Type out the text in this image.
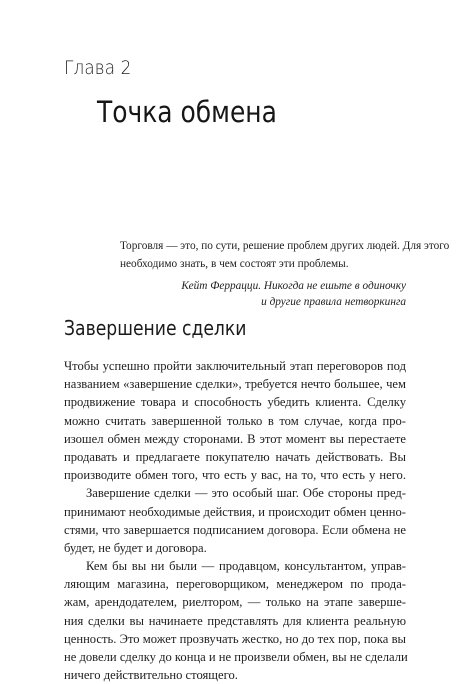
Глава 2
Точка обмена

Торговля — это, по сути, решение проблем других людей. Для этого
необходимо знать, в чем состоят эти проблемы.

Кейт Феррацци. Никогда не ешьте в одиночку
и другие правила нетворкинга

Завершение сделки

Чтобы успешно пройти заключительный этап переговоров под
названием «завершение сделки», требуется нечто большее, чем
продвижение товара и способность убедить клиента. Сделку
можно считать завершенной только в том случае, когда про-
изошел обмен между сторонами. В этот момент вы перестаете
продавать и предлагаете покупателю начать действовать. Вы
производите обмен того, что есть у вас, на то, что есть у него.

Завершение сделки — это особый шаг. Обе стороны пред-
принимают необходимые действия, и происходит обмен ценно-
стями, что завершается подписанием договора. Если обмена не
будет, не будет и договора.

Кем бы вы ни были — продавцом, консультантом, управ-
ляющим магазина, переговорщиком, менеджером по прода-
жам, арендодателем, риелтором, — только на этапе заверше-
ния сделки вы начинаете представлять для клиента реальную
ценность. Это может прозвучать жестко, но до тех пор, пока вы
не довели сделку до конца и не произвели обмен, вы не сделали
ничего действительно стоящего.
